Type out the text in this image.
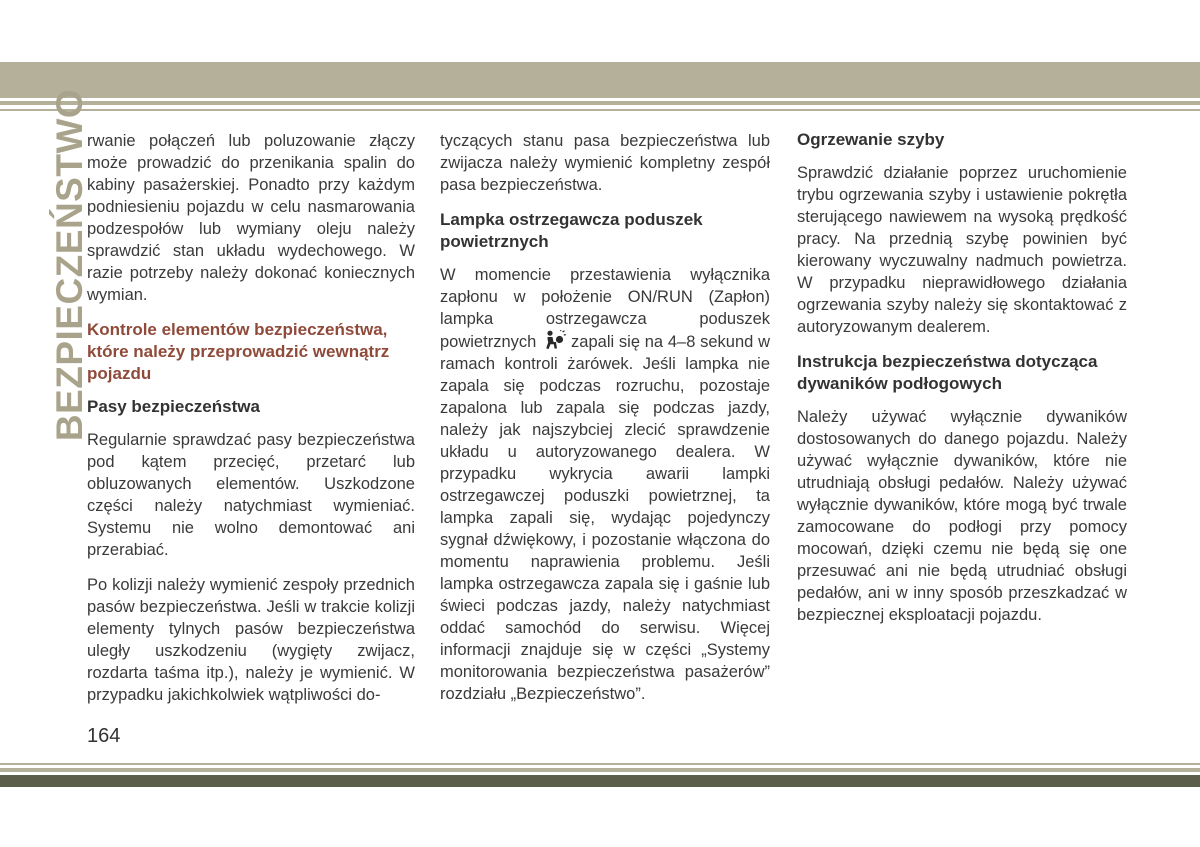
BEZPIECZEŃSTWO

rwanie połączeń lub poluzowanie złączy może prowadzić do przenikania spalin do kabiny pasażerskiej. Ponadto przy każdym podniesieniu pojazdu w celu nasmarowania podzespołów lub wymiany oleju należy sprawdzić stan układu wydechowego. W razie potrzeby należy dokonać koniecznych wymian.

Kontrole elementów bezpieczeństwa, które należy przeprowadzić wewnątrz pojazdu
Pasy bezpieczeństwa

Regularnie sprawdzać pasy bezpieczeństwa pod kątem przecięć, przetarć lub obluzowanych elementów. Uszkodzone części należy natychmiast wymieniać. Systemu nie wolno demontować ani przerabiać.

Po kolizji należy wymienić zespoły przednich pasów bezpieczeństwa. Jeśli w trakcie kolizji elementy tylnych pasów bezpieczeństwa uległy uszkodzeniu (wygięty zwijacz, rozdarta taśma itp.), należy je wymienić. W przypadku jakichkolwiek wątpliwości do-

tyczących stanu pasa bezpieczeństwa lub zwijacza należy wymienić kompletny zespół pasa bezpieczeństwa.

Lampka ostrzegawcza poduszek powietrznych

W momencie przestawienia wyłącznika zapłonu w położenie ON/RUN (Zapłon) lampka ostrzegawcza poduszek powietrznych zapali się na 4–8 sekund w ramach kontroli żarówek. Jeśli lampka nie zapala się podczas rozruchu, pozostaje zapalona lub zapala się podczas jazdy, należy jak najszybciej zlecić sprawdzenie układu u autoryzowanego dealera. W przypadku wykrycia awarii lampki ostrzegawczej poduszki powietrznej, ta lampka zapali się, wydając pojedynczy sygnał dźwiękowy, i pozostanie włączona do momentu naprawienia problemu. Jeśli lampka ostrzegawcza zapala się i gaśnie lub świeci podczas jazdy, należy natychmiast oddać samochód do serwisu. Więcej informacji znajduje się w części „Systemy monitorowania bezpieczeństwa pasażerów” rozdziału „Bezpieczeństwo”.

Ogrzewanie szyby

Sprawdzić działanie poprzez uruchomienie trybu ogrzewania szyby i ustawienie pokrętła sterującego nawiewem na wysoką prędkość pracy. Na przednią szybę powinien być kierowany wyczuwalny nadmuch powietrza. W przypadku nieprawidłowego działania ogrzewania szyby należy się skontaktować z autoryzowanym dealerem.

Instrukcja bezpieczeństwa dotycząca dywaników podłogowych

Należy używać wyłącznie dywaników dostosowanych do danego pojazdu. Należy używać wyłącznie dywaników, które nie utrudniają obsługi pedałów. Należy używać wyłącznie dywaników, które mogą być trwale zamocowane do podłogi przy pomocy mocowań, dzięki czemu nie będą się one przesuwać ani nie będą utrudniać obsługi pedałów, ani w inny sposób przeszkadzać w bezpiecznej eksploatacji pojazdu.

164
